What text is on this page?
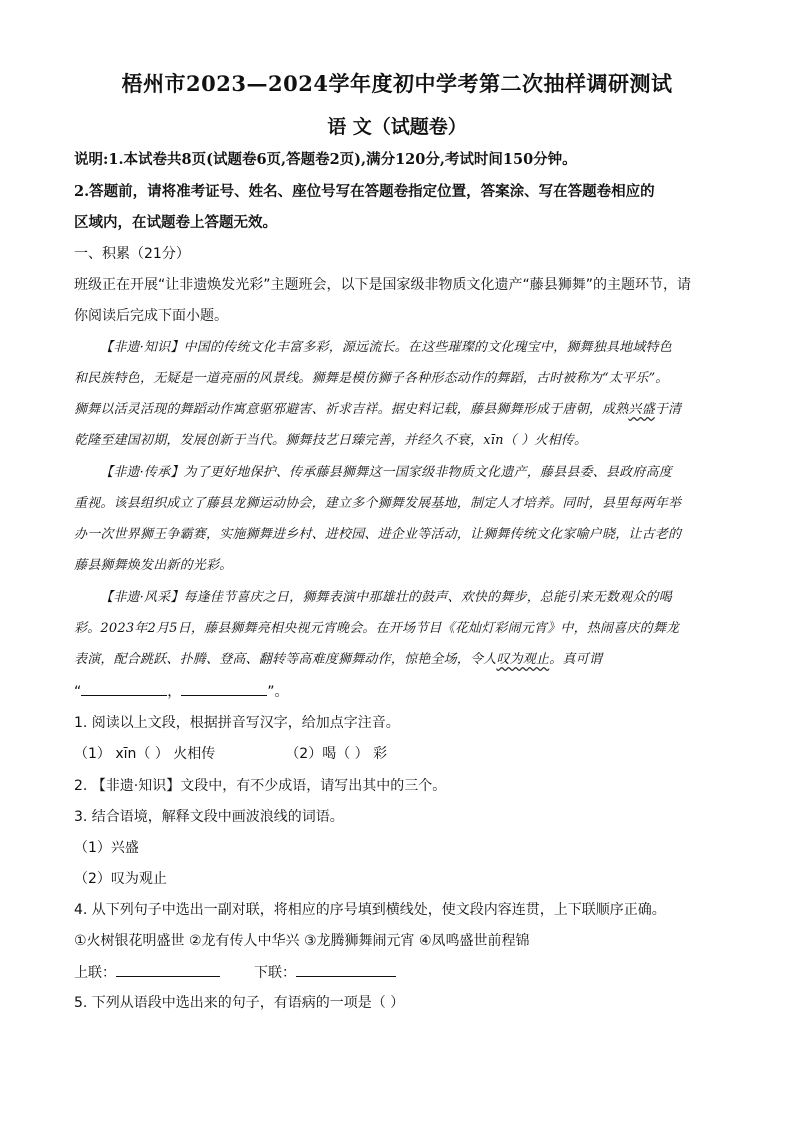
梧州市2023—2024学年度初中学考第二次抽样调研测试
语 文（试题卷）
说明:1.本试卷共8页(试题卷6页,答题卷2页),满分120分,考试时间150分钟。
2.答题前，请将准考证号、姓名、座位号写在答题卷指定位置，答案涂、写在答题卷相应的
区域内，在试题卷上答题无效。
一、积累（21分）
班级正在开展“让非遗焕发光彩”主题班会，以下是国家级非物质文化遗产“藤县狮舞”的主题环节，请
你阅读后完成下面小题。
【非遗·知识】中国的传统文化丰富多彩，源远流长。在这些璀璨的文化瑰宝中，狮舞独具地域特色
和民族特色，无疑是一道亮丽的风景线。狮舞是模仿狮子各种形态动作的舞蹈，古时被称为“太平乐”。
狮舞以活灵活现的舞蹈动作寓意驱邪避害、祈求吉祥。据史料记载，藤县狮舞形成于唐朝，成熟兴盛于清
乾隆至建国初期，发展创新于当代。狮舞技艺日臻完善，并经久不衰，xīn（ ）火相传。
【非遗·传承】为了更好地保护、传承藤县狮舞这一国家级非物质文化遗产，藤县县委、县政府高度
重视。该县组织成立了藤县龙狮运动协会，建立多个狮舞发展基地，制定人才培养。同时，县里每两年举
办一次世界狮王争霸赛，实施狮舞进乡村、进校园、进企业等活动，让狮舞传统文化家喻户晓，让古老的
藤县狮舞焕发出新的光彩。
【非遗·风采】每逢佳节喜庆之日，狮舞表演中那雄壮的鼓声、欢快的舞步，总能引来无数观众的喝
彩。2023年2月5日，藤县狮舞亮相央视元宵晚会。在开场节目《花灿灯彩闹元宵》中，热闹喜庆的舞龙
表演，配合跳跃、扑腾、登高、翻转等高难度狮舞动作，惊艳全场，令人叹为观止。真可谓
“	，	”。
1. 阅读以上文段，根据拼音写汉字，给加点字注音。
（1） xīn（ ） 火相传	（2）喝（ ） 彩
2. 【非遗·知识】文段中，有不少成语，请写出其中的三个。
3. 结合语境，解释文段中画波浪线的词语。
（1）兴盛
（2）叹为观止
4. 从下列句子中选出一副对联，将相应的序号填到横线处，使文段内容连贯，上下联顺序正确。
①火树银花明盛世 ②龙有传人中华兴 ③龙腾狮舞闹元宵 ④凤鸣盛世前程锦
上联：	下联：
5. 下列从语段中选出来的句子，有语病的一项是（ ）
